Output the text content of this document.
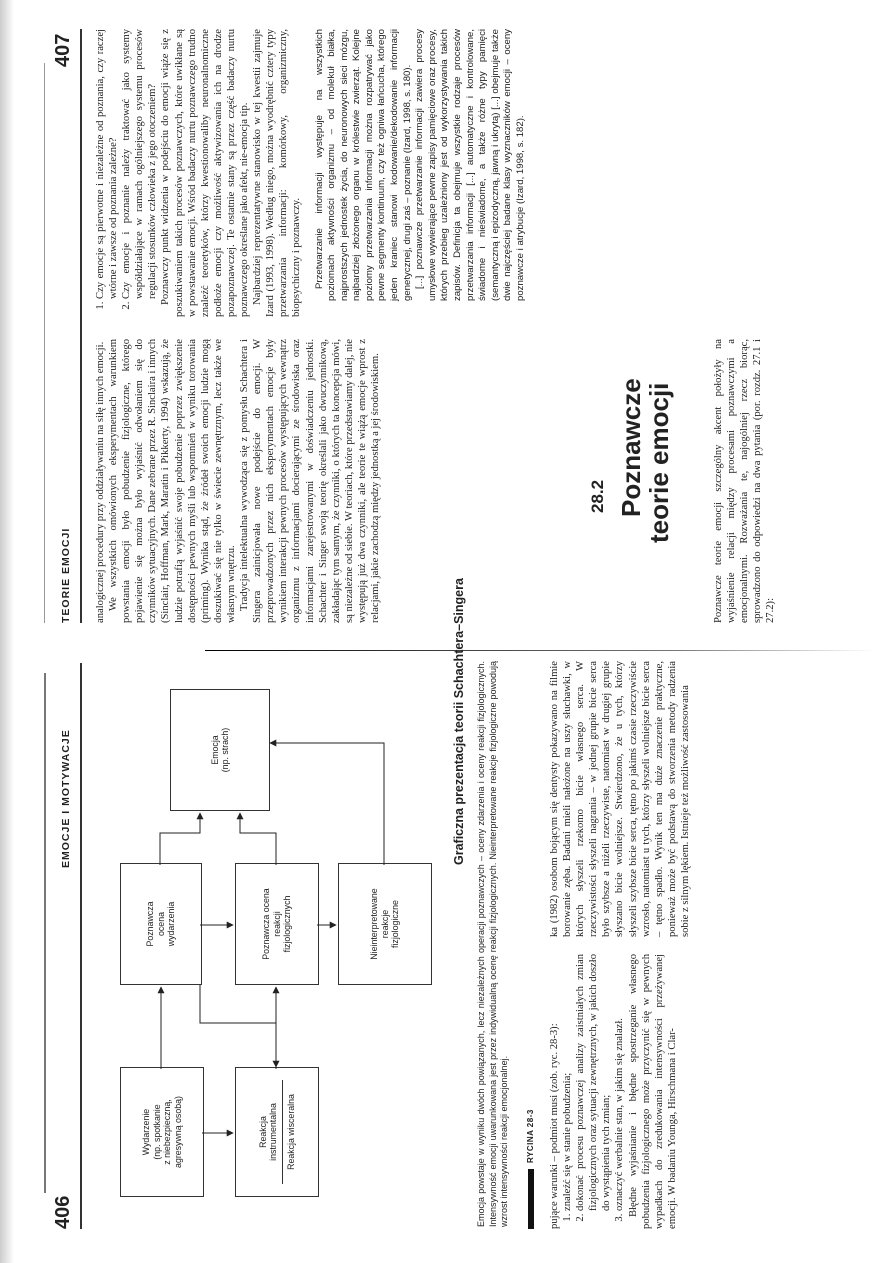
406
EMOCJE I MOTYWACJE
Wydarzenie (np. spotkanie z niebezpieczną, agresywną osobą)	Reakcja instrumentalna Reakcja wisceralna
Poznawcza ocena wydarzenia	Poznawcza ocena reakcji fizjologicznych	Nieinterpretowane reakcje fizjologiczne
Emocja (np. strach)	Graficzna prezentacja teorii Schachtera–Singera Emocja powstaje w wyniku dwóch powiązanych, lecz niezależnych operacji poznawczych – oceny zdarzenia i oceny reakcji fizjologicznych. Intensywność emocji uwarunkowana jest przez indywidualną ocenę reakcji fizjologicznych. Nieinterpretowane reakcje fizjologiczne powodują wzrost intensywności reakcji emocjonalnej. RYCINA 28-3 pujące warunki – podmiot musi (zob. ryc. 28-3): 1. znaleźć się w stanie pobudzenia; 2. dokonać procesu poznawczej analizy zaistniałych zmian fizjologicznych oraz sytuacji zewnętrznych, w jakich doszło do wystąpienia tych zmian; 3. oznaczyć werbalnie stan, w jakim się znalazł. Błędne wyjaśnianie i błędne spostrzeganie własnego pobudzenia fizjologicznego może przyczynić się w pewnych wypadkach do zredukowania intensywności przeżywanej emocji. W badaniu Younga, Hirschmana i Clar-

ka (1982) osobom bojącym się dentysty pokazywano na filmie borowanie zęba. Badani mieli nałożone na uszy słuchawki, w których słyszeli rzekomo bicie własnego serca. W rzeczywistości słyszeli nagrania – w jednej grupie bicie serca było szybsze a niżeli rzeczywiste, natomiast w drugiej grupie słyszano bicie wolniejsze. Stwierdzono, że u tych, którzy słyszeli szybsze bicie serca, tętno po jakimś czasie rzeczywiście wzrosło, natomiast u tych, którzy słyszeli wolniejsze bicie serca – tętno spadło. Wynik ten ma duże znaczenie praktyczne, ponieważ może być podstawą do stworzenia metody radzenia sobie z silnym lękiem. Istnieje też możliwość zastosowania

TEORIE EMOCJI
407

analogicznej procedury przy oddziaływaniu na siłę innych emocji. We wszystkich omówionych eksperymentach warunkiem powstania emocji było pobudzenie fizjologiczne, którego pojawienie się można było wyjaśnić odwołaniem się do czynników sytuacyjnych. Dane zebrane przez R. Sinclaira i innych (Sinclair, Hoffman, Mark, Maratin i Pikkerty, 1994) wskazują, że ludzie potrafią wyjaśnić swoje pobudzenie poprzez zwiększenie dostępności pewnych myśli lub wspomnień w wyniku torowania (priming). Wynika stąd, że źródeł swoich emocji ludzie mogą doszukiwać się nie tylko w świecie zewnętrznym, lecz także we własnym wnętrzu. Tradycja intelektualna wywodząca się z pomysłu Schachtera i Singera zainicjowała nowe podejście do emocji. W przeprowadzonych przez nich eksperymentach emocje były wynikiem interakcji pewnych procesów występujących wewnątrz organizmu z informacjami docierającymi ze środowiska oraz informacjami zarejestrowanymi w doświadczeniu jednostki. Schachter i Singer swoją teorię określali jako dwuczynnikową, zakładając tym samym, że czynniki, o których ta koncepcja mówi, są niezależne od siebie. W teoriach, które przedstawiamy dalej, nie występują już dwa czynniki, ale teorie te wiążą emocje wprost z relacjami, jakie zachodzą między jednostką a jej środowiskiem.	28.2 Poznawcze
teorie emocji	Poznawcze teorie emocji szczególny akcent położyły na wyjaśnienie relacji między procesami poznawczymi a emocjonalnymi. Rozważania te, najogólniej rzecz biorąc, sprowadzono do odpowiedzi na dwa pytania (por. rozdz. 27.1 i 27.2):

1. Czy emocje są pierwotne i niezależne od poznania, czy raczej wtórne i zawsze od poznania zależne? 2. Czy emocje i poznanie należy traktować jako systemy współdziałające w ramach ogólniejszego systemu procesów regulacji stosunków człowieka z jego otoczeniem? Poznawczy punkt widzenia w podejściu do emocji wiąże się z poszukiwaniem takich procesów poznawczych, które uwikłane są w powstawanie emocji. Wśród badaczy nurtu poznawczego trudno znaleźć teoretyków, którzy kwestionowaliby neuronalnomiczne podłoże emocji czy możliwość aktywizowania ich na drodze pozapoznawczej. Te ostatnie stany są przez część badaczy nurtu poznawczego określane jako afekt, nie-emocja tip. Najbardziej reprezentatywne stanowisko w tej kwestii zajmuje Izard (1993, 1998). Według niego, można wyodrębnić cztery typy przetwarzania informacji: komórkowy, organizmiczny, biopsychiczny i poznawczy. Przetwarzanie informacji występuje na wszystkich poziomach aktywności organizmu – od molekuł białka, najprostszych jednostek życia, do neuronowych sieci mózgu, najbardziej złożonego organu w królestwie zwierząt. Kolejne poziomy przetwarzania informacji można rozpatrywać jako pewne segmenty kontinuum, czy też ogniwa łańcucha, którego jeden kraniec stanowi kodowanie/dekodowanie informacji genetycznej, drugi zaś – poznanie (Izard, 1998, s. 180). [...] poznawcze przetwarzanie informacji zawiera procesy umysłowe wywierające pewne zapisy pamięciowe oraz procesy, których przebieg uzależniony jest od wykorzystywania takich zapisów. Definicja ta obejmuje wszystkie rodzaje procesów przetwarzania informacji [...] automatyczne i kontrolowane, świadome i nieświadome, a także różne typy pamięci (semantyczną i epizodyczną, jawną i ukrytą) [...] obejmuje także dwie najczęściej badane klasy wyznaczników emocji – oceny poznawcze i atrybucje (Izard, 1998, s. 182).
